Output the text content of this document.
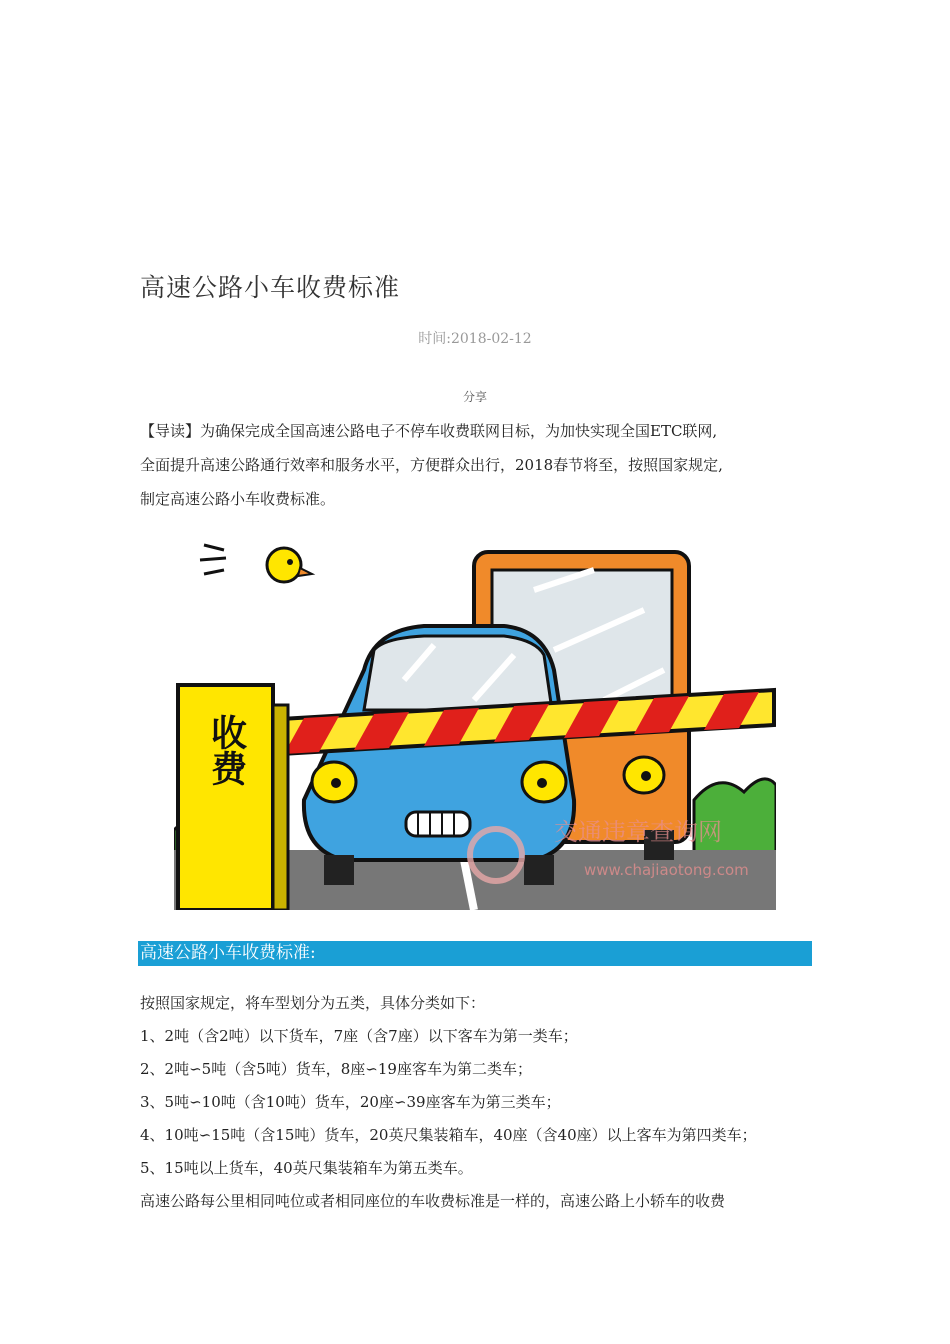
高速公路小车收费标准
时间:2018-02-12
分享

【导读】为确保完成全国高速公路电子不停车收费联网目标，为加快实现全国ETC联网,

全面提升高速公路通行效率和服务水平，方便群众出行，2018春节将至，按照国家规定,

制定高速公路小车收费标准。

收费
交通违章查询网
www.chajiaotong.com
高速公路小车收费标准:
按照国家规定，将车型划分为五类，具体分类如下：
1、2吨（含2吨）以下货车，7座（含7座）以下客车为第一类车；
2、2吨∽5吨（含5吨）货车，8座∽19座客车为第二类车；
3、5吨∽10吨（含10吨）货车，20座∽39座客车为第三类车；
4、10吨∽15吨（含15吨）货车，20英尺集装箱车，40座（含40座）以上客车为第四类车；
5、15吨以上货车，40英尺集装箱车为第五类车。
高速公路每公里相同吨位或者相同座位的车收费标准是一样的，高速公路上小轿车的收费
